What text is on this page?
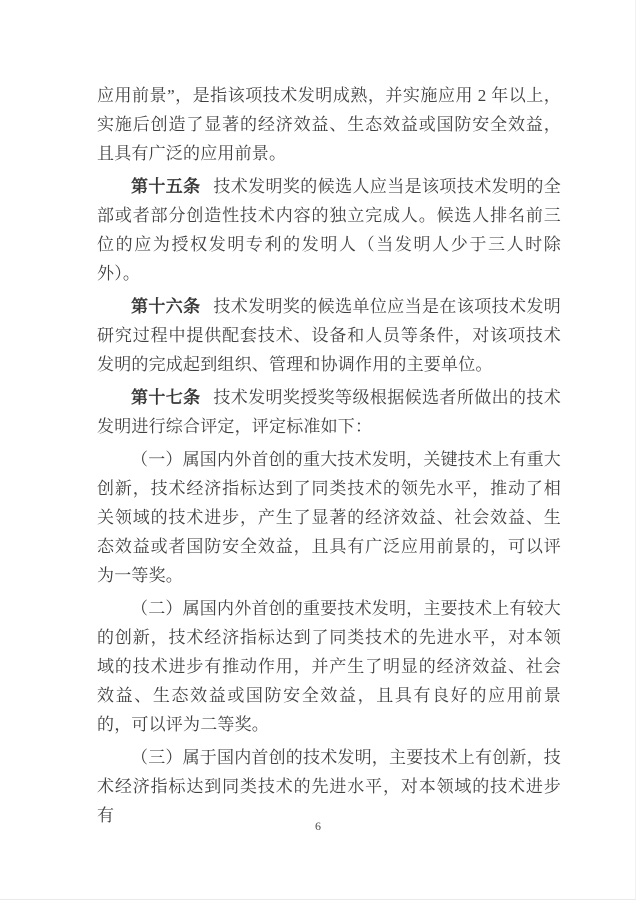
应用前景”，是指该项技术发明成熟，并实施应用 2 年以上，实施后创造了显著的经济效益、生态效益或国防安全效益，且具有广泛的应用前景。

第十五条 技术发明奖的候选人应当是该项技术发明的全部或者部分创造性技术内容的独立完成人。候选人排名前三位的应为授权发明专利的发明人（当发明人少于三人时除外）。

第十六条 技术发明奖的候选单位应当是在该项技术发明研究过程中提供配套技术、设备和人员等条件，对该项技术发明的完成起到组织、管理和协调作用的主要单位。

第十七条 技术发明奖授奖等级根据候选者所做出的技术发明进行综合评定，评定标准如下：

（一）属国内外首创的重大技术发明，关键技术上有重大创新，技术经济指标达到了同类技术的领先水平，推动了相关领域的技术进步，产生了显著的经济效益、社会效益、生态效益或者国防安全效益，且具有广泛应用前景的，可以评为一等奖。

（二）属国内外首创的重要技术发明，主要技术上有较大的创新，技术经济指标达到了同类技术的先进水平，对本领域的技术进步有推动作用，并产生了明显的经济效益、社会效益、生态效益或国防安全效益，且具有良好的应用前景的，可以评为二等奖。

（三）属于国内首创的技术发明，主要技术上有创新，技术经济指标达到同类技术的先进水平，对本领域的技术进步有

6
